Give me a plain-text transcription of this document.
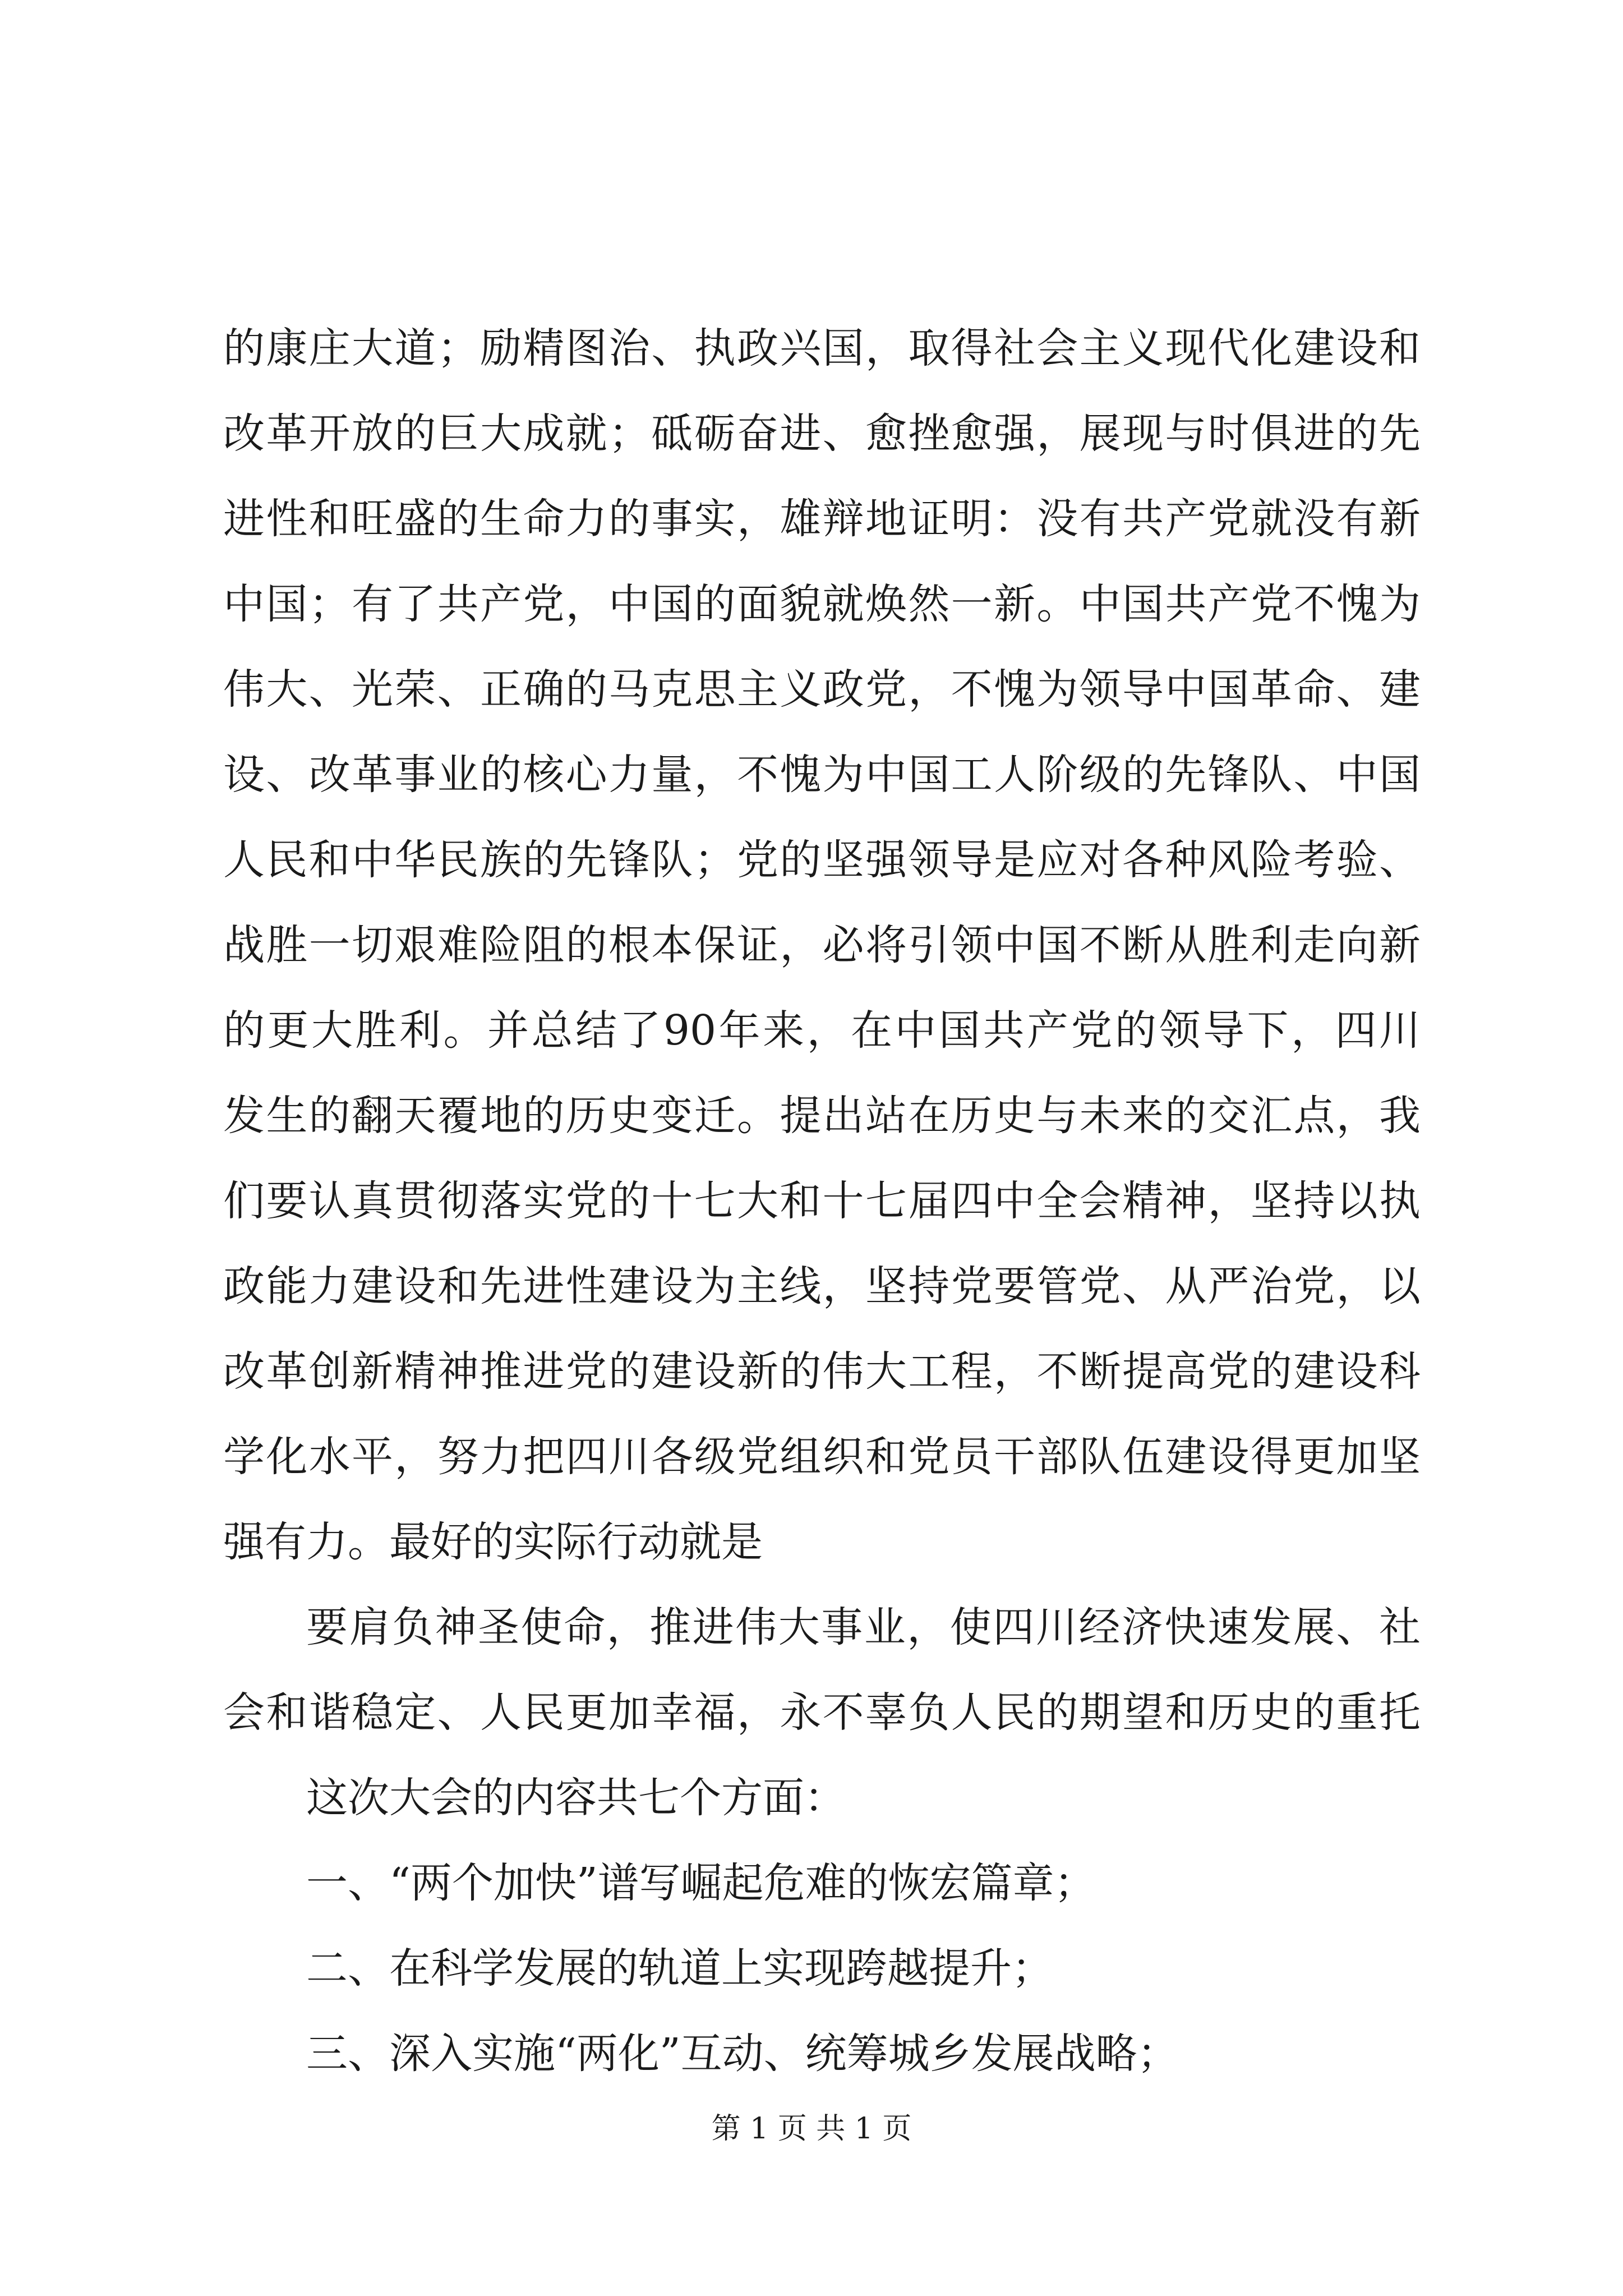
的康庄大道；励精图治、执政兴国，取得社会主义现代化建设和
改革开放的巨大成就；砥砺奋进、愈挫愈强，展现与时俱进的先
进性和旺盛的生命力的事实，雄辩地证明：没有共产党就没有新
中国；有了共产党，中国的面貌就焕然一新。中国共产党不愧为
伟大、光荣、正确的马克思主义政党，不愧为领导中国革命、建
设、改革事业的核心力量，不愧为中国工人阶级的先锋队、中国
人民和中华民族的先锋队；党的坚强领导是应对各种风险考验、
战胜一切艰难险阻的根本保证，必将引领中国不断从胜利走向新
的更大胜利。并总结了90年来，在中国共产党的领导下，四川
发生的翻天覆地的历史变迁。提出站在历史与未来的交汇点，我
们要认真贯彻落实党的十七大和十七届四中全会精神，坚持以执
政能力建设和先进性建设为主线，坚持党要管党、从严治党，以
改革创新精神推进党的建设新的伟大工程，不断提高党的建设科
学化水平，努力把四川各级党组织和党员干部队伍建设得更加坚
强有力。最好的实际行动就是
要肩负神圣使命，推进伟大事业，使四川经济快速发展、社
会和谐稳定、人民更加幸福，永不辜负人民的期望和历史的重托
这次大会的内容共七个方面：
一、“两个加快”谱写崛起危难的恢宏篇章；
二、在科学发展的轨道上实现跨越提升；
三、深入实施“两化”互动、统筹城乡发展战略；
第 1 页 共 1 页
